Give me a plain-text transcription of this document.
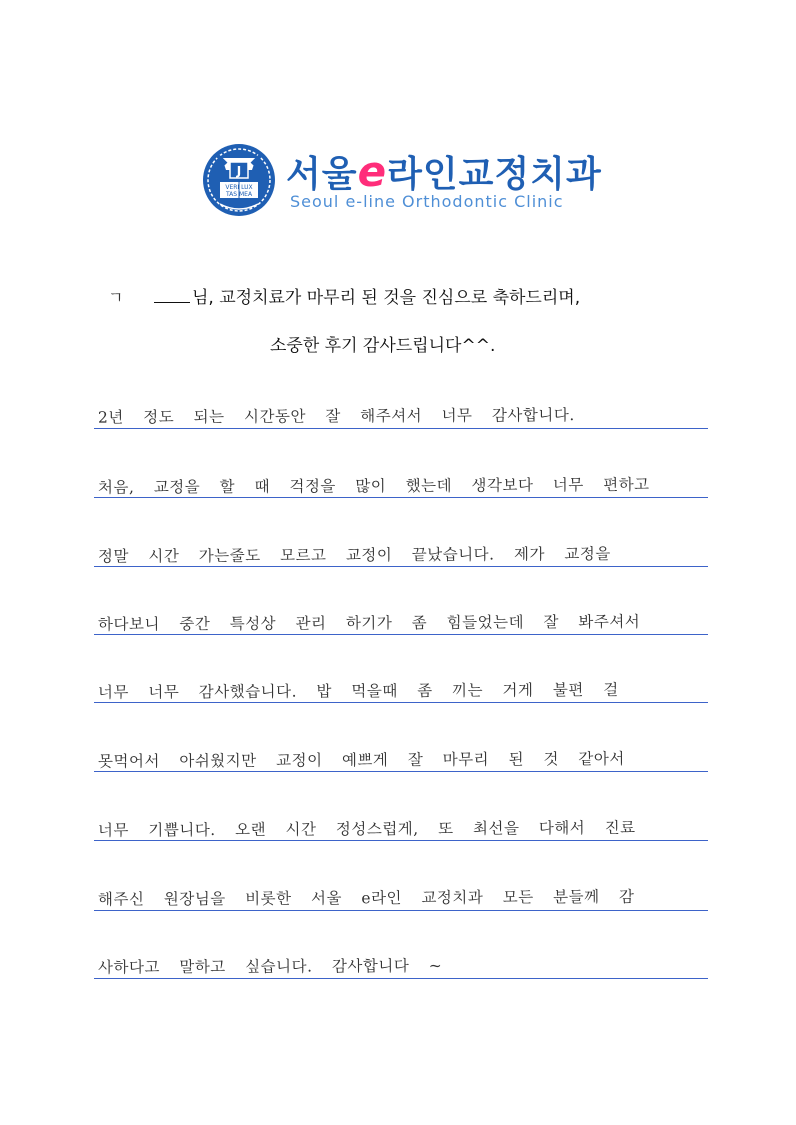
J
VERI LUX
TAS MEA 서울e라인교정치과
Seoul e-line Orthodontic Clinic
ㄱ	님, 교정치료가 마무리 된 것을 진심으로 축하드리며,
소중한 후기 감사드립니다^^.
2년 정도 되는 시간동안 잘 해주셔서 너무 감사합니다.
처음, 교정을 할 때 걱정을 많이 했는데 생각보다 너무 편하고
정말 시간 가는줄도 모르고 교정이 끝났습니다. 제가 교정을
하다보니 중간 특성상 관리 하기가 좀 힘들었는데 잘 봐주셔서
너무 너무 감사했습니다. 밥 먹을때 좀 끼는 거게 불편 걸
못먹어서 아쉬웠지만 교정이 예쁘게 잘 마무리 된 것 같아서
너무 기쁩니다. 오랜 시간 정성스럽게, 또 최선을 다해서 진료
해주신 원장님을 비롯한 서울 e라인 교정치과 모든 분들께 감
사하다고 말하고 싶습니다. 감사합니다 ~
